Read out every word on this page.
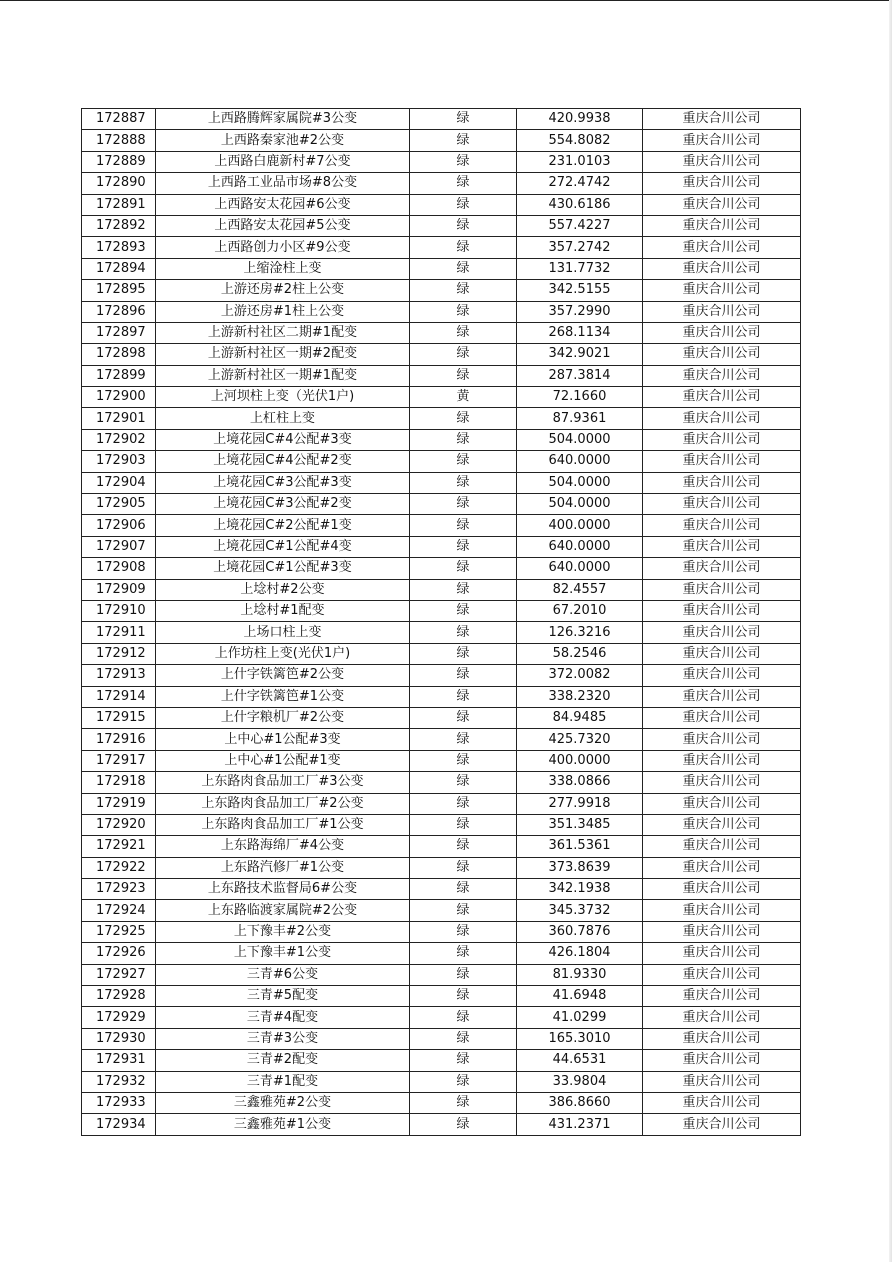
172887	上西路腾辉家属院#3公变	绿	420.9938	重庆合川公司
172888	上西路秦家池#2公变	绿	554.8082	重庆合川公司
172889	上西路白鹿新村#7公变	绿	231.0103	重庆合川公司
172890	上西路工业品市场#8公变	绿	272.4742	重庆合川公司
172891	上西路安太花园#6公变	绿	430.6186	重庆合川公司
172892	上西路安太花园#5公变	绿	557.4227	重庆合川公司
172893	上西路创力小区#9公变	绿	357.2742	重庆合川公司
172894	上缩淦柱上变	绿	131.7732	重庆合川公司
172895	上游还房#2柱上公变	绿	342.5155	重庆合川公司
172896	上游还房#1柱上公变	绿	357.2990	重庆合川公司
172897	上游新村社区二期#1配变	绿	268.1134	重庆合川公司
172898	上游新村社区一期#2配变	绿	342.9021	重庆合川公司
172899	上游新村社区一期#1配变	绿	287.3814	重庆合川公司
172900	上河坝柱上变（光伏1户)	黄	72.1660	重庆合川公司
172901	上杠柱上变	绿	87.9361	重庆合川公司
172902	上境花园C#4公配#3变	绿	504.0000	重庆合川公司
172903	上境花园C#4公配#2变	绿	640.0000	重庆合川公司
172904	上境花园C#3公配#3变	绿	504.0000	重庆合川公司
172905	上境花园C#3公配#2变	绿	504.0000	重庆合川公司
172906	上境花园C#2公配#1变	绿	400.0000	重庆合川公司
172907	上境花园C#1公配#4变	绿	640.0000	重庆合川公司
172908	上境花园C#1公配#3变	绿	640.0000	重庆合川公司
172909	上埝村#2公变	绿	82.4557	重庆合川公司
172910	上埝村#1配变	绿	67.2010	重庆合川公司
172911	上场口柱上变	绿	126.3216	重庆合川公司
172912	上作坊柱上变(光伏1户)	绿	58.2546	重庆合川公司
172913	上什字铁篱笆#2公变	绿	372.0082	重庆合川公司
172914	上什字铁篱笆#1公变	绿	338.2320	重庆合川公司
172915	上什字粮机厂#2公变	绿	84.9485	重庆合川公司
172916	上中心#1公配#3变	绿	425.7320	重庆合川公司
172917	上中心#1公配#1变	绿	400.0000	重庆合川公司
172918	上东路肉食品加工厂#3公变	绿	338.0866	重庆合川公司
172919	上东路肉食品加工厂#2公变	绿	277.9918	重庆合川公司
172920	上东路肉食品加工厂#1公变	绿	351.3485	重庆合川公司
172921	上东路海绵厂#4公变	绿	361.5361	重庆合川公司
172922	上东路汽修厂#1公变	绿	373.8639	重庆合川公司
172923	上东路技术监督局6#公变	绿	342.1938	重庆合川公司
172924	上东路临渡家属院#2公变	绿	345.3732	重庆合川公司
172925	上下豫丰#2公变	绿	360.7876	重庆合川公司
172926	上下豫丰#1公变	绿	426.1804	重庆合川公司
172927	三青#6公变	绿	81.9330	重庆合川公司
172928	三青#5配变	绿	41.6948	重庆合川公司
172929	三青#4配变	绿	41.0299	重庆合川公司
172930	三青#3公变	绿	165.3010	重庆合川公司
172931	三青#2配变	绿	44.6531	重庆合川公司
172932	三青#1配变	绿	33.9804	重庆合川公司
172933	三鑫雅苑#2公变	绿	386.8660	重庆合川公司
172934	三鑫雅苑#1公变	绿	431.2371	重庆合川公司
